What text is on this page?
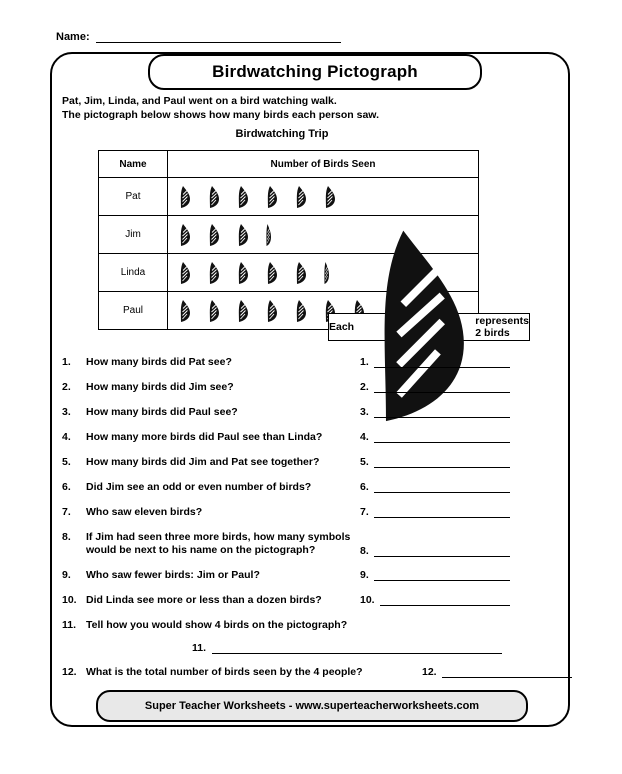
Name:
Birdwatching Pictograph
Pat, Jim, Linda, and Paul went on a bird watching walk.
The pictograph below shows how many birds each person saw.
Birdwatching Trip
Name	Number of Birds Seen
Pat	

Jim	

Linda	

Paul	
Each	represents 2 birds
1.	How many birds did Pat see?	1.
2.	How many birds did Jim see?	2.
3.	How many birds did Paul see?	3.
4.	How many more birds did Paul see than Linda?	4.
5.	How many birds did Jim and Pat see together?	5.
6.	Did Jim see an odd or even number of birds?	6.
7.	Who saw eleven birds?	7.
8.	If Jim had seen three more birds, how many symbols would be next to his name on the pictograph?	8.
9.	Who saw fewer birds: Jim or Paul?	9.
10. Did Linda see more or less than a dozen birds?	10.
11. Tell how you would show 4 birds on the pictograph?
11.
12. What is the total number of birds seen by the 4 people?	12.
Super Teacher Worksheets - www.superteacherworksheets.com
